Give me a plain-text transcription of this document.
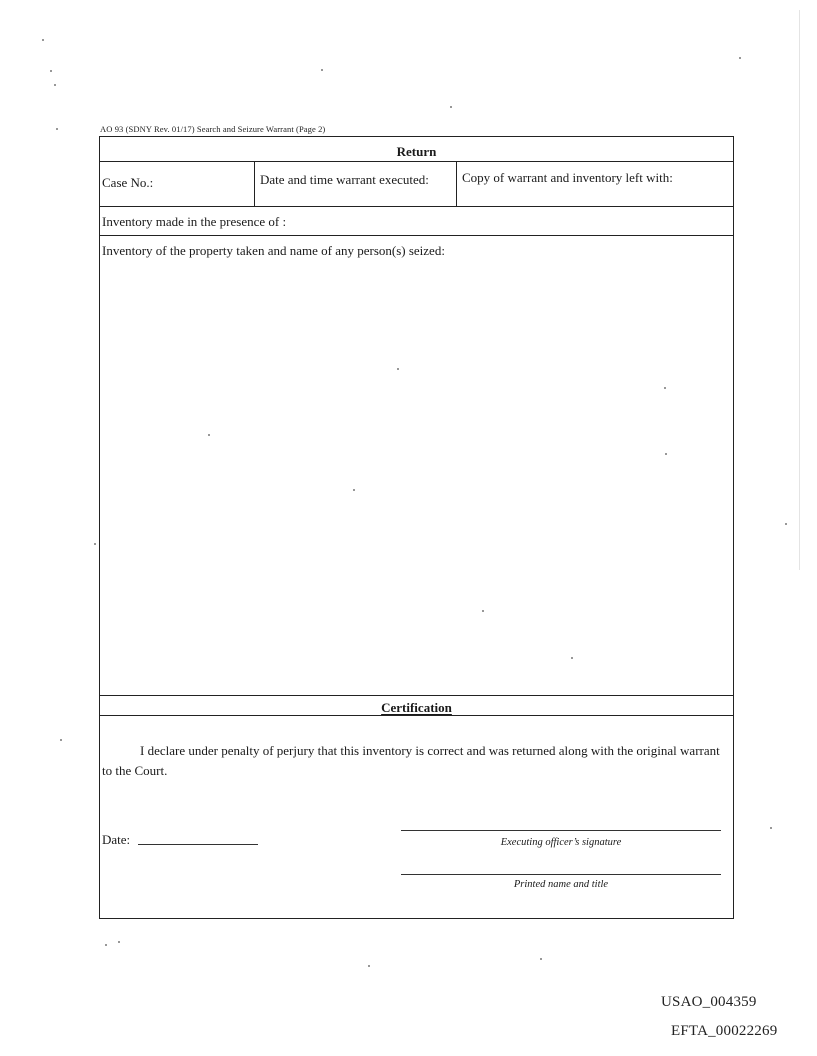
AO 93 (SDNY Rev. 01/17) Search and Seizure Warrant (Page 2)
Return
Case No.:	Date and time warrant executed:	Copy of warrant and inventory left with:
Inventory made in the presence of :
Inventory of the property taken and name of any person(s) seized:
Certification
I declare under penalty of perjury that this inventory is correct and was returned along with the original warrant to the Court.
Date:	Executing officer’s signature
Printed name and title
USAO_004359
EFTA_00022269
